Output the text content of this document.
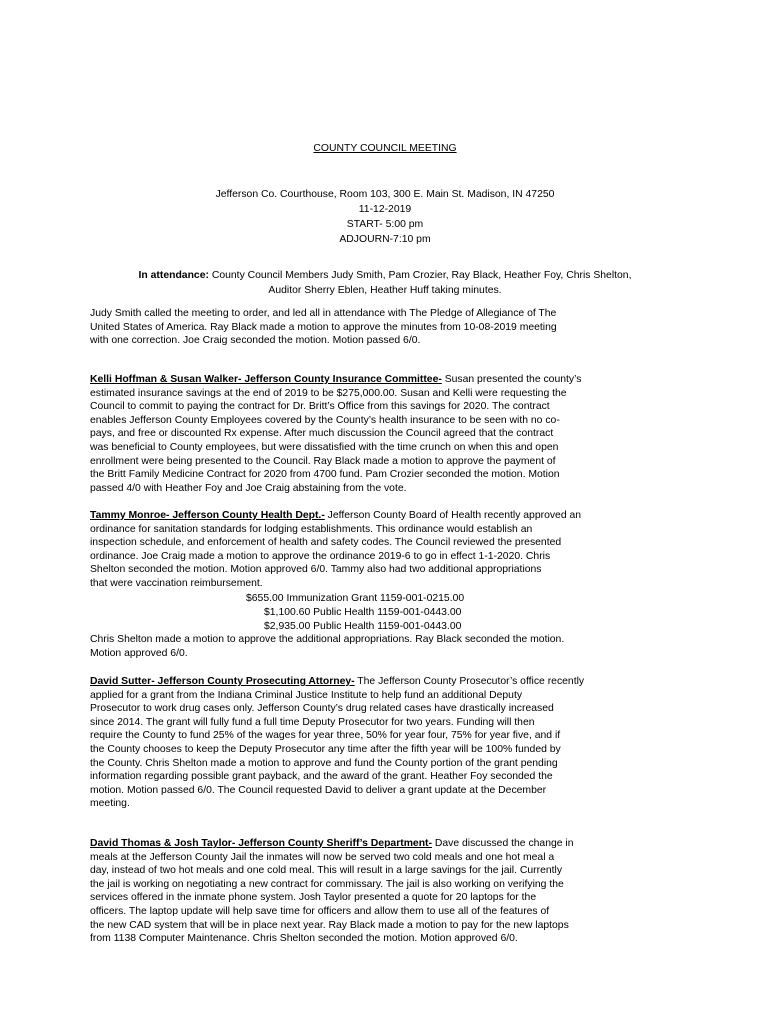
COUNTY COUNCIL MEETING
Jefferson Co. Courthouse, Room 103, 300 E. Main St. Madison, IN 47250
11-12-2019
START- 5:00 pm
ADJOURN-7:10 pm
In attendance: County Council Members Judy Smith, Pam Crozier, Ray Black, Heather Foy, Chris Shelton,
Auditor Sherry Eblen, Heather Huff taking minutes.
Judy Smith called the meeting to order, and led all in attendance with The Pledge of Allegiance of The
United States of America. Ray Black made a motion to approve the minutes from 10-08-2019 meeting
with one correction. Joe Craig seconded the motion. Motion passed 6/0.
Kelli Hoffman & Susan Walker- Jefferson County Insurance Committee- Susan presented the county’s
estimated insurance savings at the end of 2019 to be $275,000.00. Susan and Kelli were requesting the
Council to commit to paying the contract for Dr. Britt’s Office from this savings for 2020. The contract
enables Jefferson County Employees covered by the County’s health insurance to be seen with no co-
pays, and free or discounted Rx expense. After much discussion the Council agreed that the contract
was beneficial to County employees, but were dissatisfied with the time crunch on when this and open
enrollment were being presented to the Council. Ray Black made a motion to approve the payment of
the Britt Family Medicine Contract for 2020 from 4700 fund. Pam Crozier seconded the motion. Motion
passed 4/0 with Heather Foy and Joe Craig abstaining from the vote.
Tammy Monroe- Jefferson County Health Dept.- Jefferson County Board of Health recently approved an
ordinance for sanitation standards for lodging establishments. This ordinance would establish an
inspection schedule, and enforcement of health and safety codes. The Council reviewed the presented
ordinance. Joe Craig made a motion to approve the ordinance 2019-6 to go in effect 1-1-2020. Chris
Shelton seconded the motion. Motion approved 6/0. Tammy also had two additional appropriations
that were vaccination reimbursement.
$655.00 Immunization Grant 1159-001-0215.00
$1,100.60 Public Health 1159-001-0443.00
$2,935.00 Public Health 1159-001-0443.00
Chris Shelton made a motion to approve the additional appropriations. Ray Black seconded the motion.
Motion approved 6/0.
David Sutter- Jefferson County Prosecuting Attorney- The Jefferson County Prosecutor’s office recently
applied for a grant from the Indiana Criminal Justice Institute to help fund an additional Deputy
Prosecutor to work drug cases only. Jefferson County’s drug related cases have drastically increased
since 2014. The grant will fully fund a full time Deputy Prosecutor for two years. Funding will then
require the County to fund 25% of the wages for year three, 50% for year four, 75% for year five, and if
the County chooses to keep the Deputy Prosecutor any time after the fifth year will be 100% funded by
the County. Chris Shelton made a motion to approve and fund the County portion of the grant pending
information regarding possible grant payback, and the award of the grant. Heather Foy seconded the
motion. Motion passed 6/0. The Council requested David to deliver a grant update at the December
meeting.
David Thomas & Josh Taylor- Jefferson County Sheriff’s Department- Dave discussed the change in
meals at the Jefferson County Jail the inmates will now be served two cold meals and one hot meal a
day, instead of two hot meals and one cold meal. This will result in a large savings for the jail. Currently
the jail is working on negotiating a new contract for commissary. The jail is also working on verifying the
services offered in the inmate phone system. Josh Taylor presented a quote for 20 laptops for the
officers. The laptop update will help save time for officers and allow them to use all of the features of
the new CAD system that will be in place next year. Ray Black made a motion to pay for the new laptops
from 1138 Computer Maintenance. Chris Shelton seconded the motion. Motion approved 6/0.
